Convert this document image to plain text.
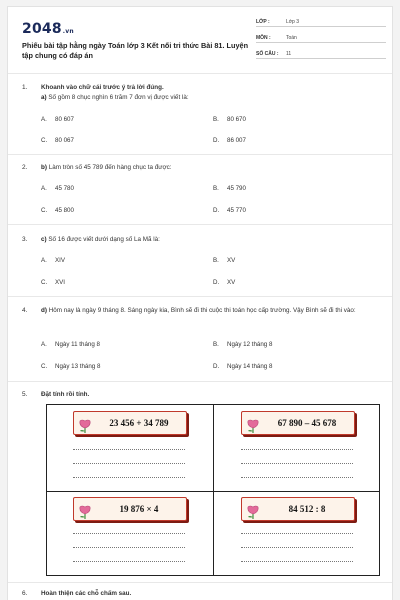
2048.vn
Phiếu bài tập hằng ngày Toán lớp 3 Kết nối tri thức Bài 81. Luyện tập chung có đáp án
LỚP :	Lớp 3
MÔN :	Toán
SỐ CÂU : 11
1. Khoanh vào chữ cái trước ý trả lời đúng.
a) Số gồm 8 chục nghìn 6 trăm 7 đơn vị được viết là:
A. 80 607	B. 80 670
C. 80 067	D. 86 007
2. b) Làm tròn số 45 789 đến hàng chục ta được:
A. 45 780	B. 45 790
C. 45 800	D. 45 770
3. c) Số 16 được viết dưới dạng số La Mã là:
A. XIV	B. XV
C. XVI	D. XV
4. d) Hôm nay là ngày 9 tháng 8. Sáng ngày kia, Bình sẽ đi thi cuộc thi toán học cấp trường. Vậy Bình sẽ đi thi vào:
A. Ngày 11 tháng 8	B. Ngày 12 tháng 8
C. Ngày 13 tháng 8	D. Ngày 14 tháng 8
5. Đặt tính rồi tính.
23 456 + 34 789	67 890 – 45 678
19 876 × 4	84 512 : 8
6. Hoàn thiện các chỗ chấm sau.
